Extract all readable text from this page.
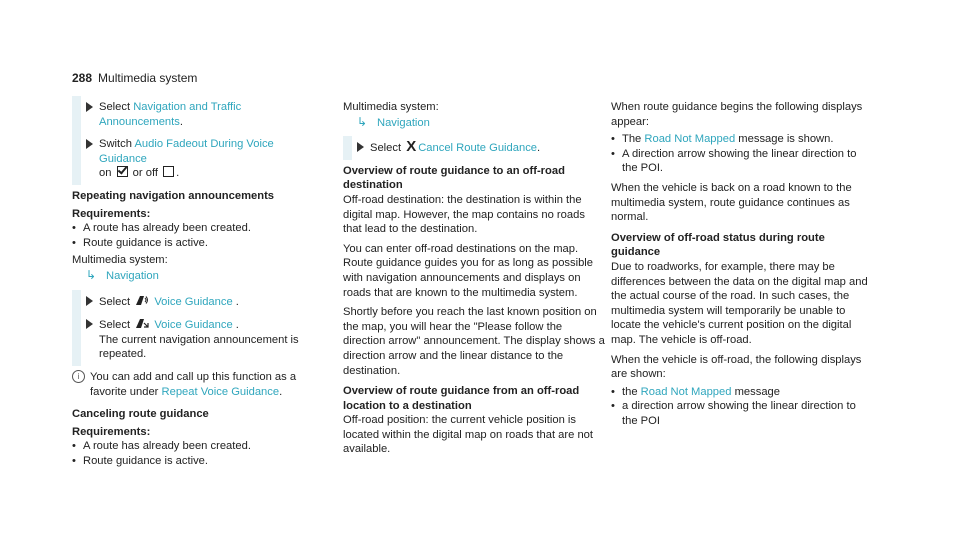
288 Multimedia system
Select Navigation and Traffic Announcements.
Switch Audio Fadeout During Voice Guidance
on  or off .
Repeating navigation announcements
Requirements:
• A route has already been created.
• Route guidance is active.
Multimedia system:
↳ Navigation
Select  Voice Guidance .
Select  Voice Guidance .
The current navigation announcement is repeated.
i You can add and call up this function as a favorite under Repeat Voice Guidance.
Canceling route guidance
Requirements:
• A route has already been created.
• Route guidance is active.
Multimedia system:
↳ Navigation
Select X Cancel Route Guidance.
Overview of route guidance to an off-road destination
Off-road destination: the destination is within the digital map. However, the map contains no roads that lead to the destination.
You can enter off-road destinations on the map. Route guidance guides you for as long as possible with navigation announcements and displays on roads that are known to the multimedia system.
Shortly before you reach the last known position on the map, you will hear the "Please follow the direction arrow" announcement. The display shows a direction arrow and the linear distance to the destination.
Overview of route guidance from an off-road location to a destination
Off-road position: the current vehicle position is located within the digital map on roads that are not available.
When route guidance begins the following displays appear:
• The Road Not Mapped message is shown.
• A direction arrow showing the linear direction to the POI.
When the vehicle is back on a road known to the multimedia system, route guidance continues as normal.
Overview of off-road status during route guidance
Due to roadworks, for example, there may be differences between the data on the digital map and the actual course of the road. In such cases, the multimedia system will temporarily be unable to locate the vehicle's current position on the digital map. The vehicle is off-road.
When the vehicle is off-road, the following displays are shown:
• the Road Not Mapped message
• a direction arrow showing the linear direction to the POI
